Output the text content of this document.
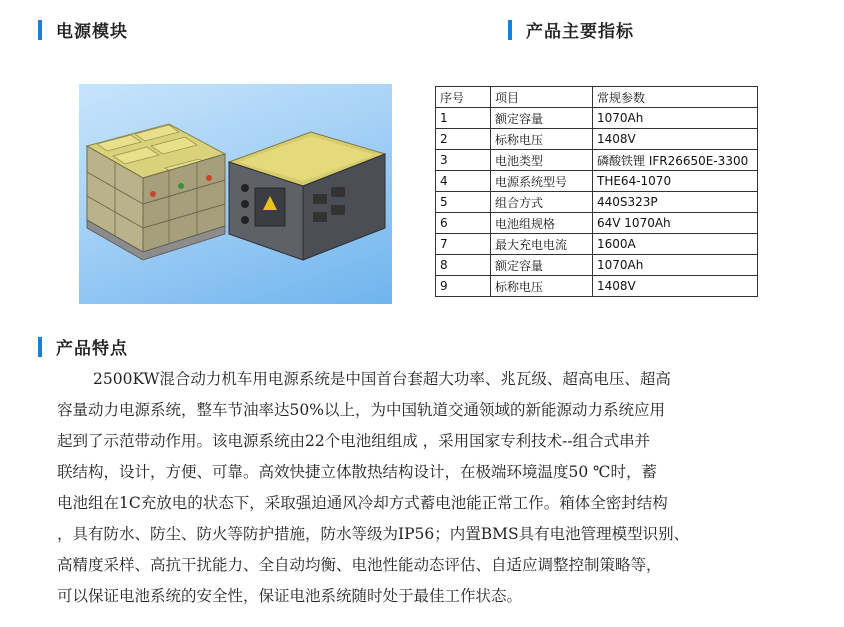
电源模块	产品主要指标
序号	项目	常规参数
1	额定容量	1070Ah
2	标称电压	1408V
3	电池类型	磷酸铁锂 IFR26650E-3300
4	电源系统型号	THE64-1070
5	组合方式	440S323P
6	电池组规格	64V 1070Ah
7	最大充电电流	1600A
8	额定容量	1070Ah
9	标称电压	1408V
产品特点
2500KW混合动力机车用电源系统是中国首台套超大功率、兆瓦级、超高电压、超高
容量动力电源系统，整车节油率达50%以上，为中国轨道交通领域的新能源动力系统应用
起到了示范带动作用。该电源系统由22个电池组组成 ，采用国家专利技术--组合式串并
联结构，设计，方便、可靠。高效快捷立体散热结构设计，在极端环境温度50 ℃时，蓄
电池组在1C充放电的状态下，采取强迫通风冷却方式蓄电池能正常工作。箱体全密封结构
，具有防水、防尘、防火等防护措施，防水等级为IP56；内置BMS具有电池管理模型识别、
高精度采样、高抗干扰能力、全自动均衡、电池性能动态评估、自适应调整控制策略等，
可以保证电池系统的安全性，保证电池系统随时处于最佳工作状态。
